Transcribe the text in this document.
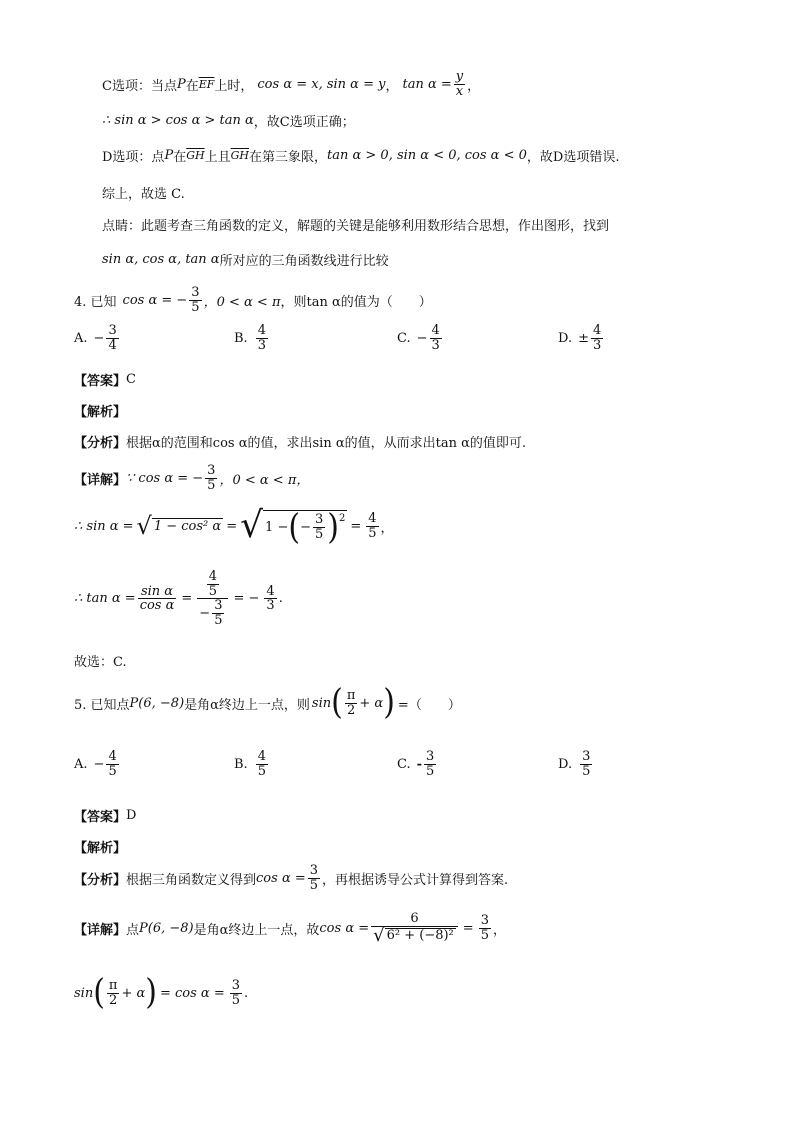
C选项：当点 P 在 $\overline{EF}$ 上时， cos α = x, sin α = y ， $\tan \alpha = \frac{y}{x}$ ，
∴ sin α > cos α > tan α ，故C选项正确；
D选项：点 P 在 $\overline{GH}$ 上且 $\overline{GH}$ 在第三象限， tan α > 0, sin α < 0, cos α < 0 ，故D选项错误.
综上，故选 C.
点睛：此题考查三角函数的定义，解题的关键是能够利用数形结合思想，作出图形，找到
sin α, cos α, tan α 所对应的三角函数线进行比较
4. 已知 cos α = − $\frac{3}{5}$ ，0 < α < π ，则tan α的值为（　　）
A. − $\frac{3}{4}$	B. $\frac{4}{3}$	C. − $\frac{4}{3}$	D. ± $\frac{4}{3}$
【答案】 C
【解析】
【分析】 根据α的范围和cos α的值，求出sin α的值，从而求出tan α的值即可.
【详解】 ∵ cos α = − $\frac{3}{5}$ ，0 < α < π，
∴ sin α = √ 1 − cos² α = √ 1 − ( − $\frac{3}{5} )^2$
= $\frac{4}{5}$ ，
∴ $\tan \alpha = \frac{\text{sin α}}{\text{cos α}} = \frac{\frac{4}{5}}{- \frac{3}{5}}$ = − $\frac{4}{3}$ .
故选：C.
5. 已知点 P(6, −8) 是角α终边上一点，则 sin ( $\frac{\pi}{2} + \alpha$ ) =（　　）
A. − $\frac{4}{5}$	B. $\frac{4}{5}$	C. - $\frac{3}{5}$	D. $\frac{3}{5}$
【答案】 D
【解析】
【分析】 根据三角函数定义得到 $\cos \alpha = \frac{3}{5}$ ，再根据诱导公式计算得到答案.
【详解】 点 P(6, −8) 是角α终边上一点，故 $\cos \alpha = \frac{6}{\text{√ 6² + (−8)²}} = \frac{3}{5}$ ，
sin ( $\frac{\pi}{2} + \alpha$ ) = $\cos \alpha = \frac{3}{5}$ .
